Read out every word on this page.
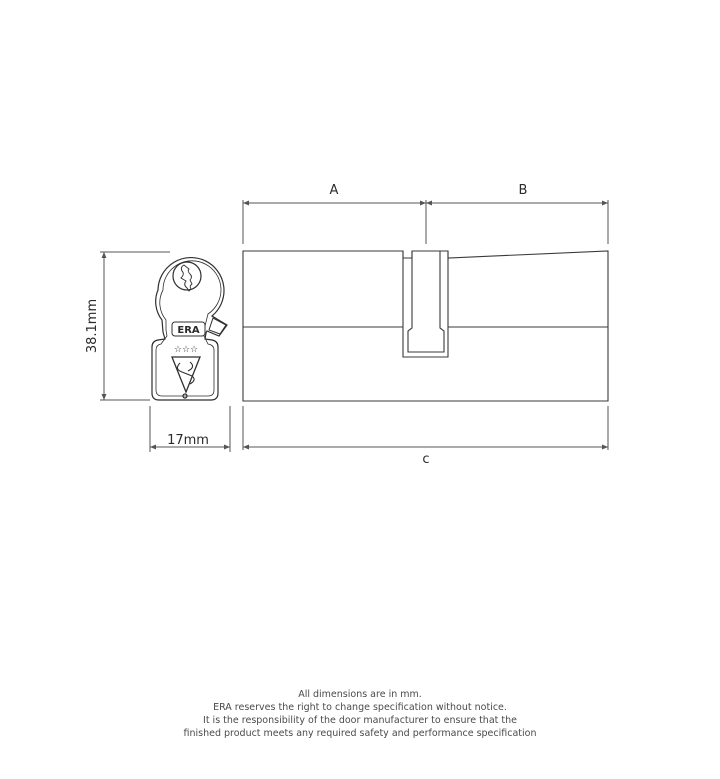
A	B
c
38.1mm
17mm
ERA
☆☆☆
All dimensions are in mm.
ERA reserves the right to change specification without notice.
It is the responsibility of the door manufacturer to ensure that the
finished product meets any required safety and performance specification
